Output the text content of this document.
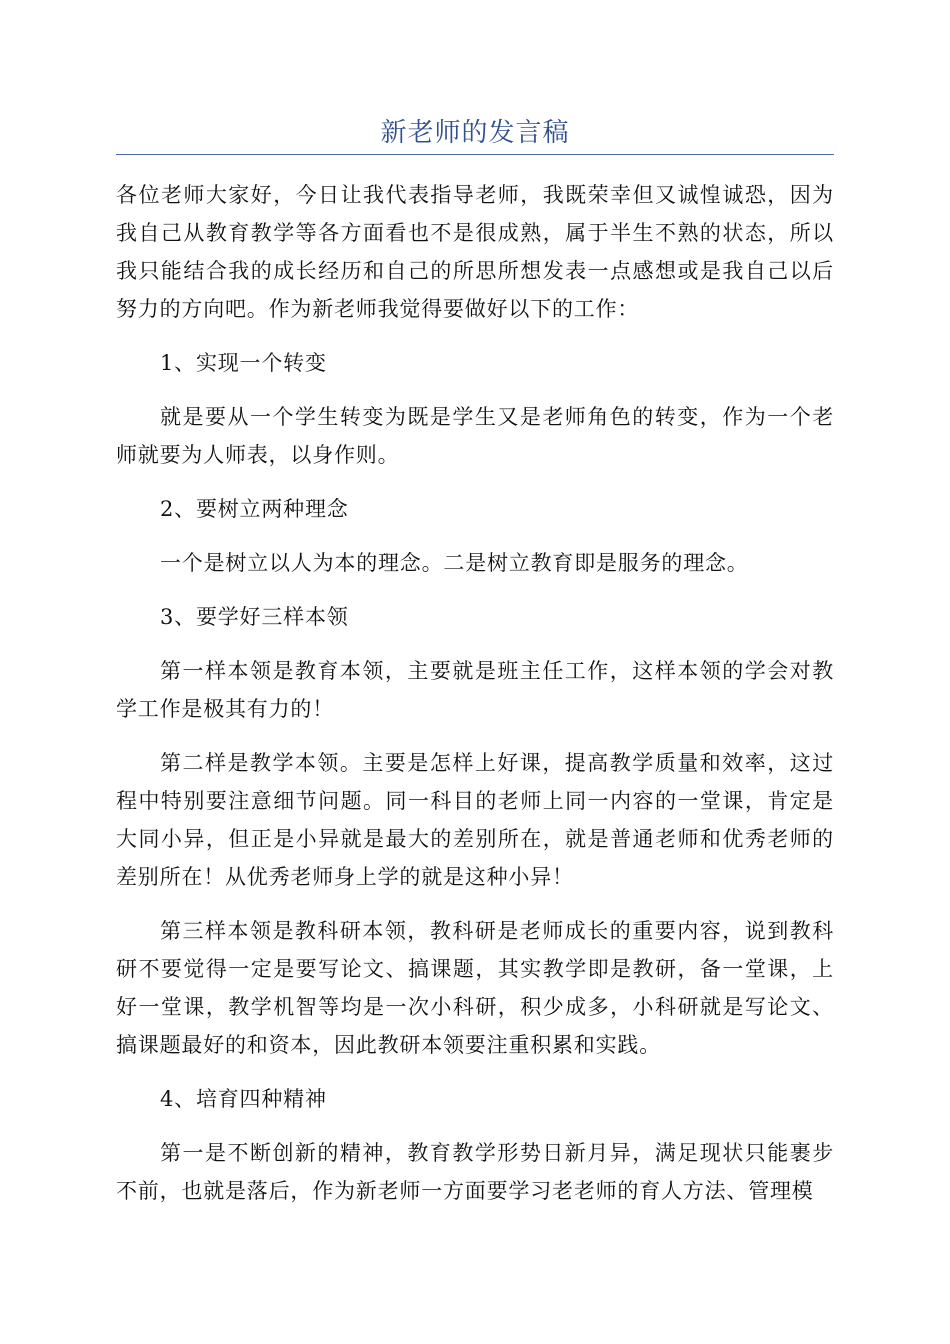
新老师的发言稿

各位老师大家好，今日让我代表指导老师，我既荣幸但又诚惶诚恐，因为我自己从教育教学等各方面看也不是很成熟，属于半生不熟的状态，所以我只能结合我的成长经历和自己的所思所想发表一点感想或是我自己以后努力的方向吧。作为新老师我觉得要做好以下的工作：

1、实现一个转变

就是要从一个学生转变为既是学生又是老师角色的转变，作为一个老师就要为人师表，以身作则。

2、要树立两种理念

一个是树立以人为本的理念。二是树立教育即是服务的理念。

3、要学好三样本领

第一样本领是教育本领，主要就是班主任工作，这样本领的学会对教学工作是极其有力的！

第二样是教学本领。主要是怎样上好课，提高教学质量和效率，这过程中特别要注意细节问题。同一科目的老师上同一内容的一堂课，肯定是大同小异，但正是小异就是最大的差别所在，就是普通老师和优秀老师的差别所在！从优秀老师身上学的就是这种小异！

第三样本领是教科研本领，教科研是老师成长的重要内容，说到教科研不要觉得一定是要写论文、搞课题，其实教学即是教研，备一堂课，上好一堂课，教学机智等均是一次小科研，积少成多，小科研就是写论文、搞课题最好的和资本，因此教研本领要注重积累和实践。

4、培育四种精神

第一是不断创新的精神，教育教学形势日新月异，满足现状只能裹步不前，也就是落后，作为新老师一方面要学习老老师的育人方法、管理模
